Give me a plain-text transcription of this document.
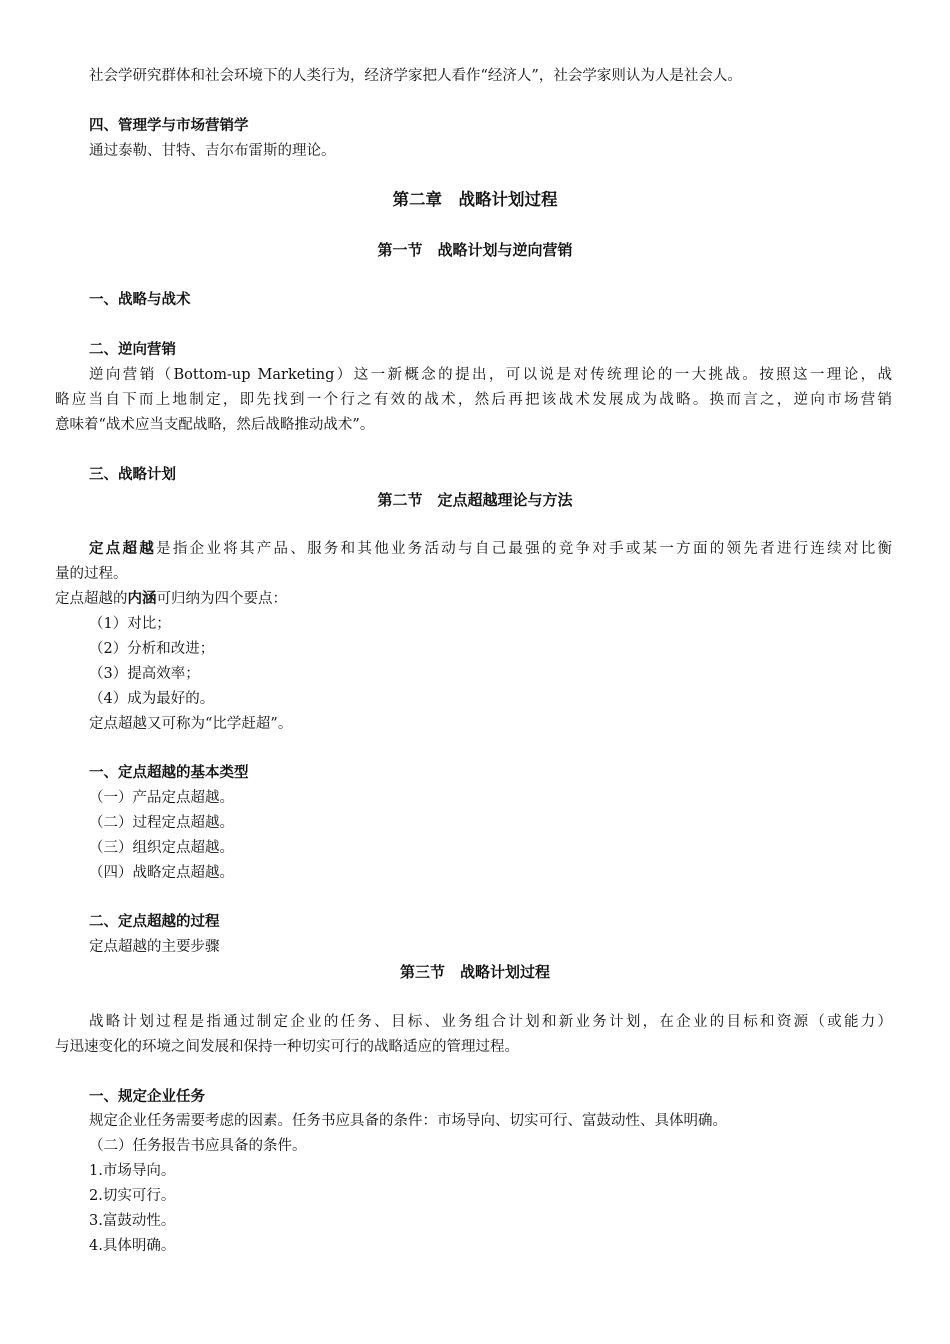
社会学研究群体和社会环境下的人类行为，经济学家把人看作“经济人”，社会学家则认为人是社会人。
四、管理学与市场营销学
通过泰勒、甘特、吉尔布雷斯的理论。
第二章　战略计划过程
第一节　战略计划与逆向营销
一、战略与战术
二、逆向营销
逆向营销（Bottom-up Marketing）这一新概念的提出，可以说是对传统理论的一大挑战。按照这一理论，战
略应当自下而上地制定，即先找到一个行之有效的战术，然后再把该战术发展成为战略。换而言之，逆向市场营销
意味着“战术应当支配战略，然后战略推动战术”。
三、战略计划
第二节　定点超越理论与方法
定点超越是指企业将其产品、服务和其他业务活动与自己最强的竞争对手或某一方面的领先者进行连续对比衡
量的过程。
定点超越的内涵可归纳为四个要点：
（1）对比；
（2）分析和改进；
（3）提高效率；
（4）成为最好的。
定点超越又可称为“比学赶超”。
一、定点超越的基本类型
（一）产品定点超越。
（二）过程定点超越。
（三）组织定点超越。
（四）战略定点超越。
二、定点超越的过程
定点超越的主要步骤
第三节　战略计划过程
战略计划过程是指通过制定企业的任务、目标、业务组合计划和新业务计划，在企业的目标和资源（或能力）
与迅速变化的环境之间发展和保持一种切实可行的战略适应的管理过程。
一、规定企业任务
规定企业任务需要考虑的因素。任务书应具备的条件：市场导向、切实可行、富鼓动性、具体明确。
（二）任务报告书应具备的条件。
1.市场导向。
2.切实可行。
3.富鼓动性。
4.具体明确。
